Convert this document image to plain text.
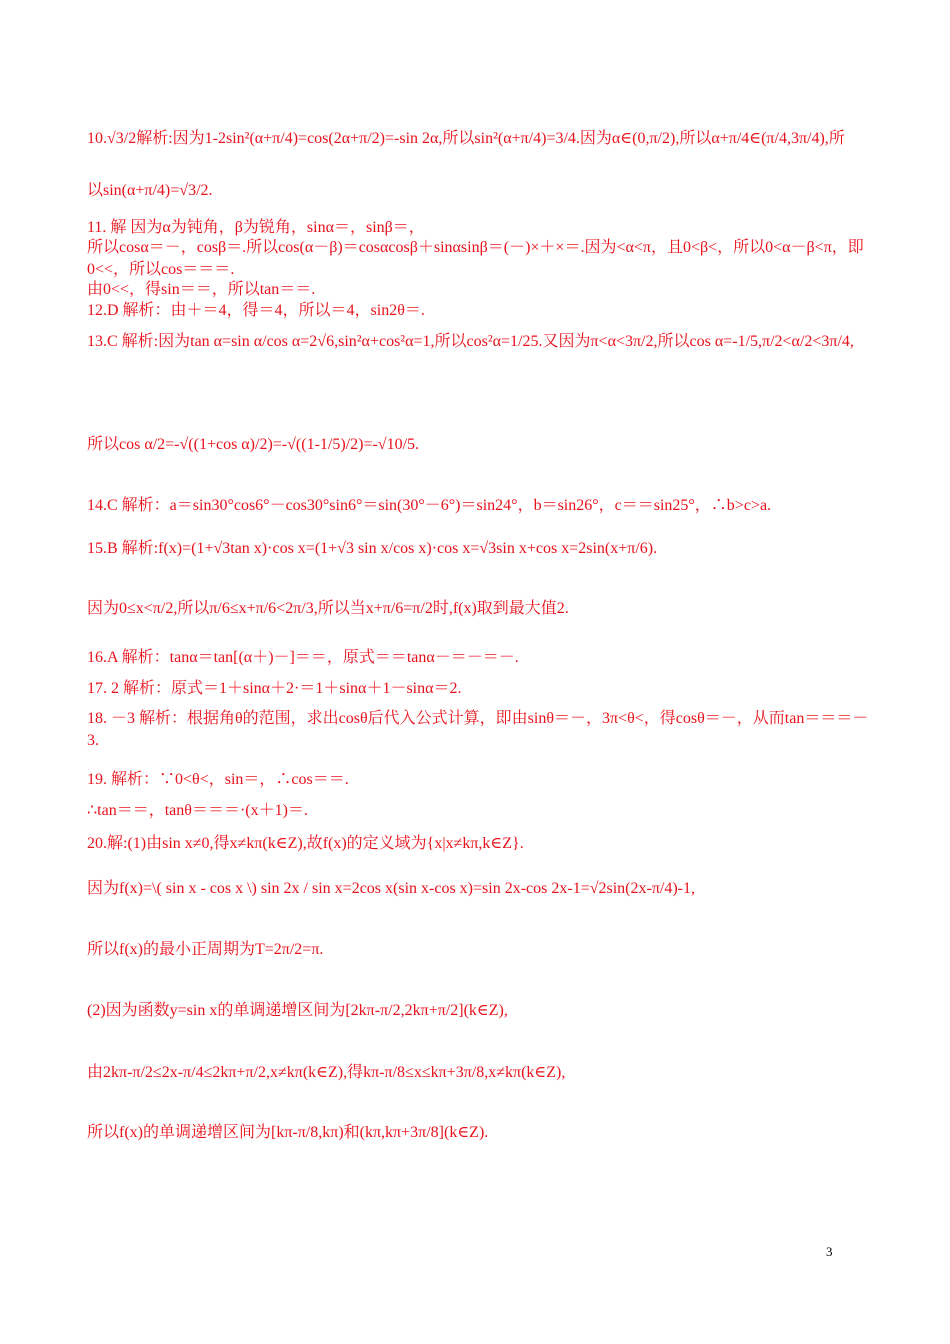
10.√3/2解析:因为1-2sin²(α+π/4)=cos(2α+π/2)=-sin 2α,所以sin²(α+π/4)=3/4.因为α∈(0,π/2),所以α+π/4∈(π/4,3π/4),所
以sin(α+π/4)=√3/2.
11. 解 因为α为钝角，β为锐角，sinα＝，sinβ＝，
所以cosα＝－，cosβ＝.所以cos(α－β)＝cosαcosβ＋sinαsinβ＝(－)×＋×＝.因为<α<π，且0<β<，所以0<α－β<π，即0<<，所以cos＝＝＝.
由0<<，得sin＝＝，所以tan＝＝.
12.D 解析：由＋＝4，得＝4，所以＝4，sin2θ＝.
13.C 解析:因为tan α=sin α/cos α=2√6,sin²α+cos²α=1,所以cos²α=1/25.又因为π<α<3π/2,所以cos α=-1/5,π/2<α/2<3π/4,
所以cos α/2=-√((1+cos α)/2)=-√((1-1/5)/2)=-√10/5.
14.C 解析：a＝sin30°cos6°－cos30°sin6°＝sin(30°－6°)＝sin24°，b＝sin26°，c＝＝sin25°，∴b>c>a.
15.B 解析:f(x)=(1+√3tan x)·cos x=(1+√3 sin x/cos x)·cos x=√3sin x+cos x=2sin(x+π/6).
因为0≤x<π/2,所以π/6≤x+π/6<2π/3,所以当x+π/6=π/2时,f(x)取到最大值2.
16.A 解析：tanα＝tan[(α＋)－]＝＝，原式＝＝tanα－＝－＝－.
17. 2 解析：原式＝1＋sinα＋2·＝1＋sinα＋1－sinα＝2.
18. －3 解析：根据角θ的范围，求出cosθ后代入公式计算，即由sinθ＝－，3π<θ<，得cosθ＝－，从而tan＝＝＝－3.
19. 解析：∵0<θ<，sin＝，∴cos＝＝.
∴tan＝＝，tanθ＝＝＝·(x＋1)＝.
20.解:(1)由sin x≠0,得x≠kπ(k∈Z),故f(x)的定义域为{x|x≠kπ,k∈Z}.
因为f(x)=\( sin x - cos x \) sin 2x / sin x=2cos x(sin x-cos x)=sin 2x-cos 2x-1=√2sin(2x-π/4)-1,
所以f(x)的最小正周期为T=2π/2=π.
(2)因为函数y=sin x的单调递增区间为[2kπ-π/2,2kπ+π/2](k∈Z),
由2kπ-π/2≤2x-π/4≤2kπ+π/2,x≠kπ(k∈Z),得kπ-π/8≤x≤kπ+3π/8,x≠kπ(k∈Z),
所以f(x)的单调递增区间为[kπ-π/8,kπ)和(kπ,kπ+3π/8](k∈Z).
3
